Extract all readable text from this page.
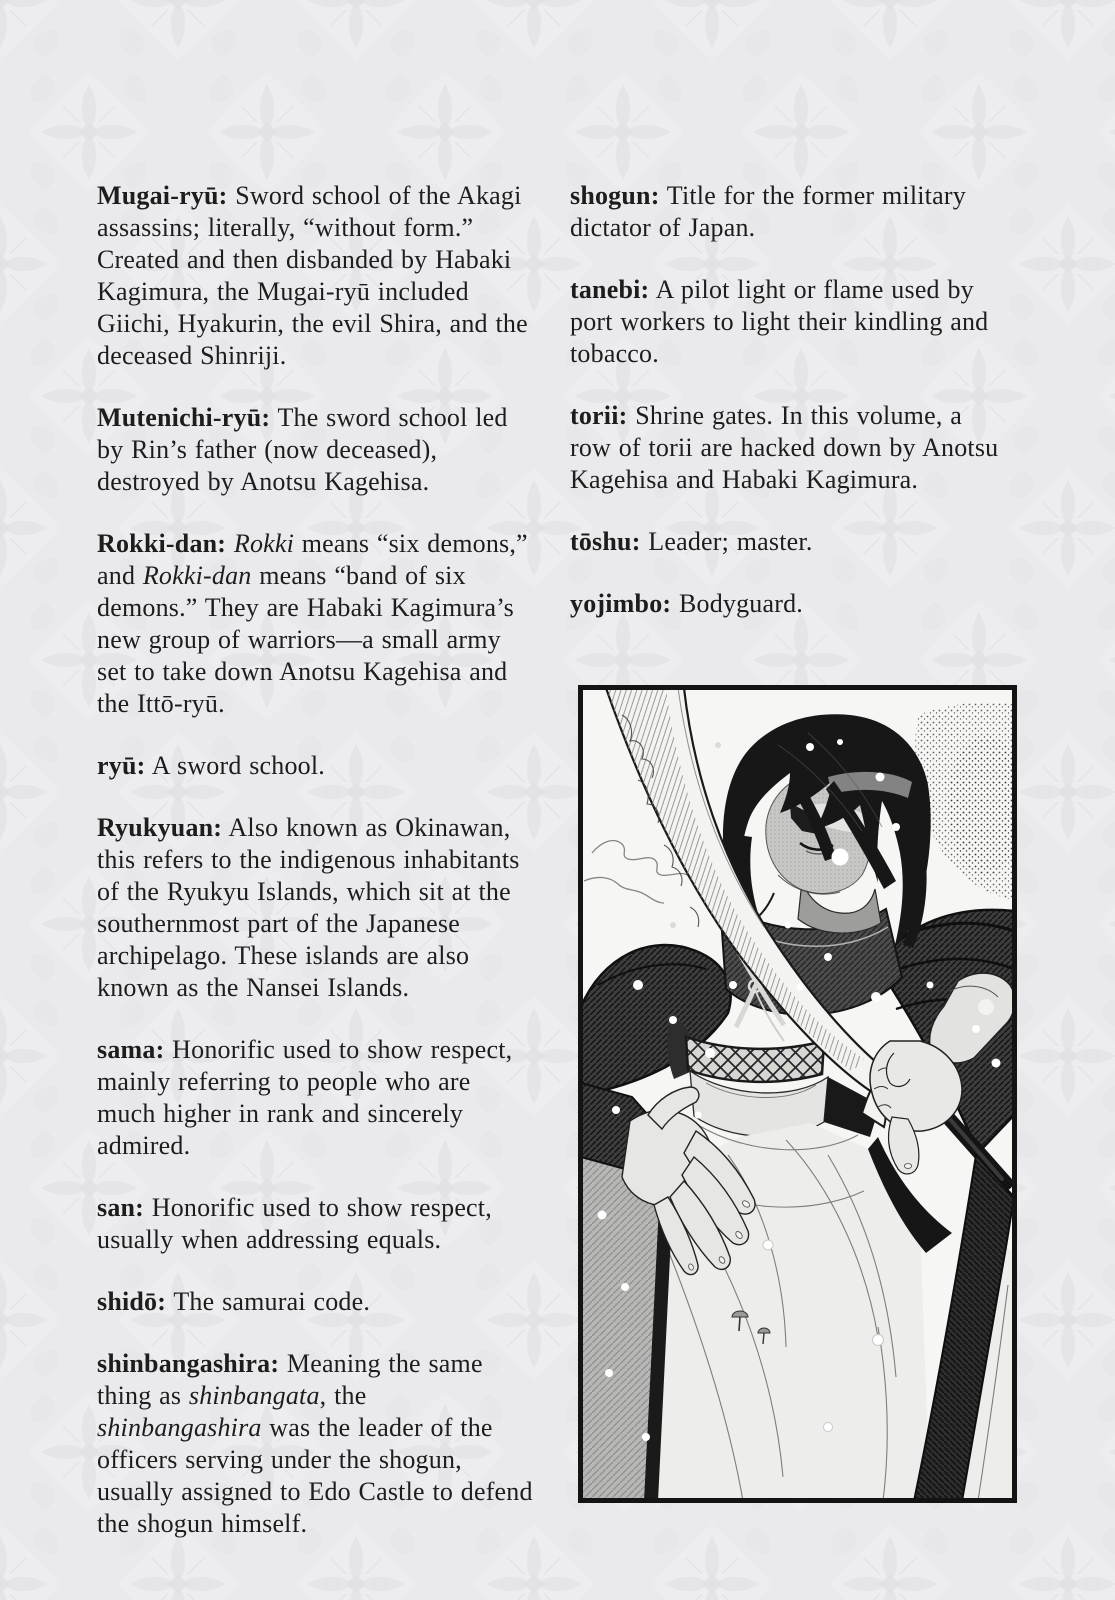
Mugai-ryū: Sword school of the Akagi assassins; literally, “without form.” Created and then disbanded by Habaki Kagimura, the Mugai-ryū included Giichi, Hyakurin, the evil Shira, and the deceased Shinriji.

Mutenichi-ryū: The sword school led by Rin’s father (now deceased), destroyed by Anotsu Kagehisa.

Rokki-dan: Rokki means “six demons,” and Rokki-dan means “band of six demons.” They are Habaki Kagimura’s new group of warriors—a small army set to take down Anotsu Kagehisa and the Ittō-ryū.

ryū: A sword school.

Ryukyuan: Also known as Okinawan, this refers to the indigenous inhabitants of the Ryukyu Islands, which sit at the southernmost part of the Japanese archipelago. These islands are also known as the Nansei Islands.

sama: Honorific used to show respect, mainly referring to people who are much higher in rank and sincerely admired.

san: Honorific used to show respect, usually when addressing equals.

shidō: The samurai code.

shinbangashira: Meaning the same thing as shinbangata, the shinbangashira was the leader of the officers serving under the shogun, usually assigned to Edo Castle to defend the shogun himself.

shogun: Title for the former military dictator of Japan.

tanebi: A pilot light or flame used by port workers to light their kindling and tobacco.

torii: Shrine gates. In this volume, a row of torii are hacked down by Anotsu Kagehisa and Habaki Kagimura.

tōshu: Leader; master.

yojimbo: Bodyguard.
